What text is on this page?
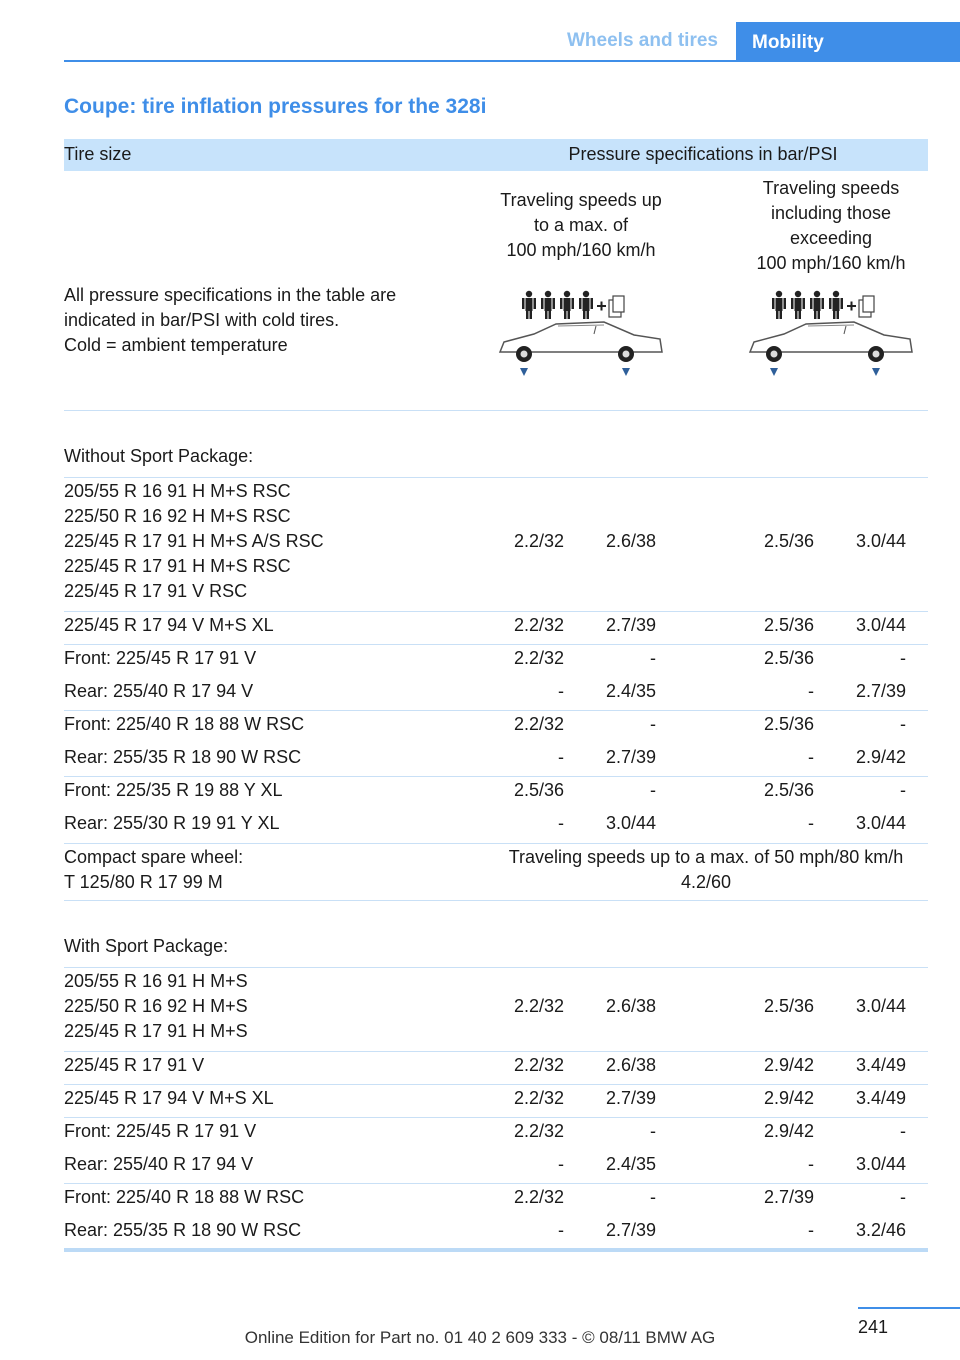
Wheels and tires	Mobility
Coupe: tire inflation pressures for the 328i
Tire size	Pressure specifications in bar/PSI
Traveling speeds up
to a max. of
100 mph/160 km/h
Traveling speeds
including those
exceeding
100 mph/160 km/h
All pressure specifications in the table are
indicated in bar/PSI with cold tires.
Cold = ambient temperature
Without Sport Package:
205/55 R 16 91 H M+S RSC
225/50 R 16 92 H M+S RSC
225/45 R 17 91 H M+S A/S RSC
225/45 R 17 91 H M+S RSC
225/45 R 17 91 V RSC
2.2/32	2.6/38	2.5/36	3.0/44
225/45 R 17 94 V M+S XL	2.2/32	2.7/39	2.5/36	3.0/44
Front: 225/45 R 17 91 V	2.2/32	-	2.5/36	-
Rear: 255/40 R 17 94 V	-	2.4/35	-	2.7/39
Front: 225/40 R 18 88 W RSC	2.2/32	-	2.5/36	-
Rear: 255/35 R 18 90 W RSC	-	2.7/39	-	2.9/42
Front: 225/35 R 19 88 Y XL	2.5/36	-	2.5/36	-
Rear: 255/30 R 19 91 Y XL	-	3.0/44	-	3.0/44
Compact spare wheel:
T 125/80 R 17 99 M
Traveling speeds up to a max. of 50 mph/80 km/h
4.2/60
With Sport Package:
205/55 R 16 91 H M+S
225/50 R 16 92 H M+S
225/45 R 17 91 H M+S
2.2/32	2.6/38	2.5/36	3.0/44
225/45 R 17 91 V	2.2/32	2.6/38	2.9/42	3.4/49
225/45 R 17 94 V M+S XL	2.2/32	2.7/39	2.9/42	3.4/49
Front: 225/45 R 17 91 V	2.2/32	-	2.9/42	-
Rear: 255/40 R 17 94 V	-	2.4/35	-	3.0/44
Front: 225/40 R 18 88 W RSC	2.2/32	-	2.7/39	-
Rear: 255/35 R 18 90 W RSC	-	2.7/39	-	3.2/46
241
Online Edition for Part no. 01 40 2 609 333 - © 08/11 BMW AG
